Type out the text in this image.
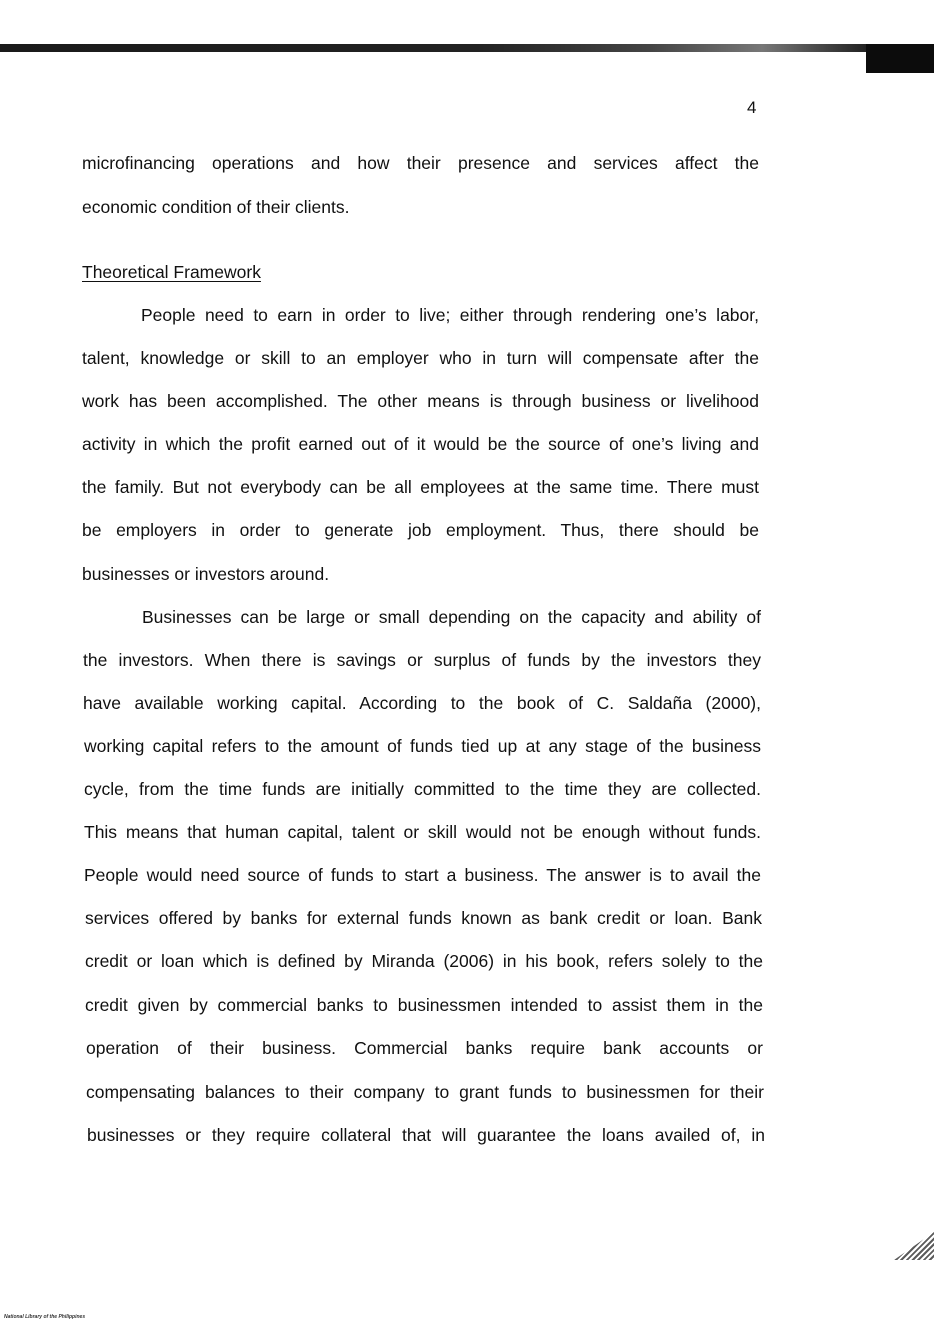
4
microfinancing operations and how their presence and services affect the
economic condition of their clients.
Theoretical Framework
People need to earn in order to live; either through rendering one’s labor,
talent, knowledge or skill to an employer who in turn will compensate after the
work has been accomplished. The other means is through business or livelihood
activity in which the profit earned out of it would be the source of one’s living and
the family. But not everybody can be all employees at the same time. There must
be employers in order to generate job employment. Thus, there should be
businesses or investors around.
Businesses can be large or small depending on the capacity and ability of
the investors. When there is savings or surplus of funds by the investors they
have available working capital. According to the book of C. Saldaña (2000),
working capital refers to the amount of funds tied up at any stage of the business
cycle, from the time funds are initially committed to the time they are collected.
This means that human capital, talent or skill would not be enough without funds.
People would need source of funds to start a business. The answer is to avail the
services offered by banks for external funds known as bank credit or loan. Bank
credit or loan which is defined by Miranda (2006) in his book, refers solely to the
credit given by commercial banks to businessmen intended to assist them in the
operation of their business. Commercial banks require bank accounts or
compensating balances to their company to grant funds to businessmen for their
businesses or they require collateral that will guarantee the loans availed of, in
National Library of the Philippines
